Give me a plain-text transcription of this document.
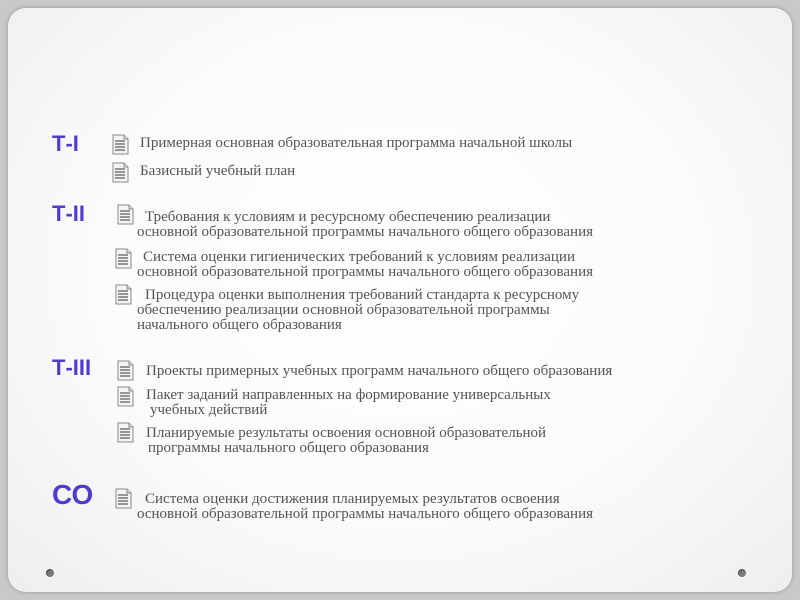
Т-I	Примерная основная образовательная программа начальной школы
Базисный учебный план
Т-II	Требования к условиям и ресурсному обеспечению реализации
основной образовательной программы начального общего образования
Система оценки гигиенических требований к условиям реализации
основной образовательной программы начального общего образования
Процедура оценки выполнения требований стандарта к ресурсному
обеспечению реализации основной образовательной программы
начального общего образования
Т-III	Проекты примерных учебных программ начального общего образования
Пакет заданий направленных на формирование универсальных
учебных действий
Планируемые результаты освоения основной образовательной
программы начального общего образования
СО	Система оценки достижения планируемых результатов освоения
основной образовательной программы начального общего образования
